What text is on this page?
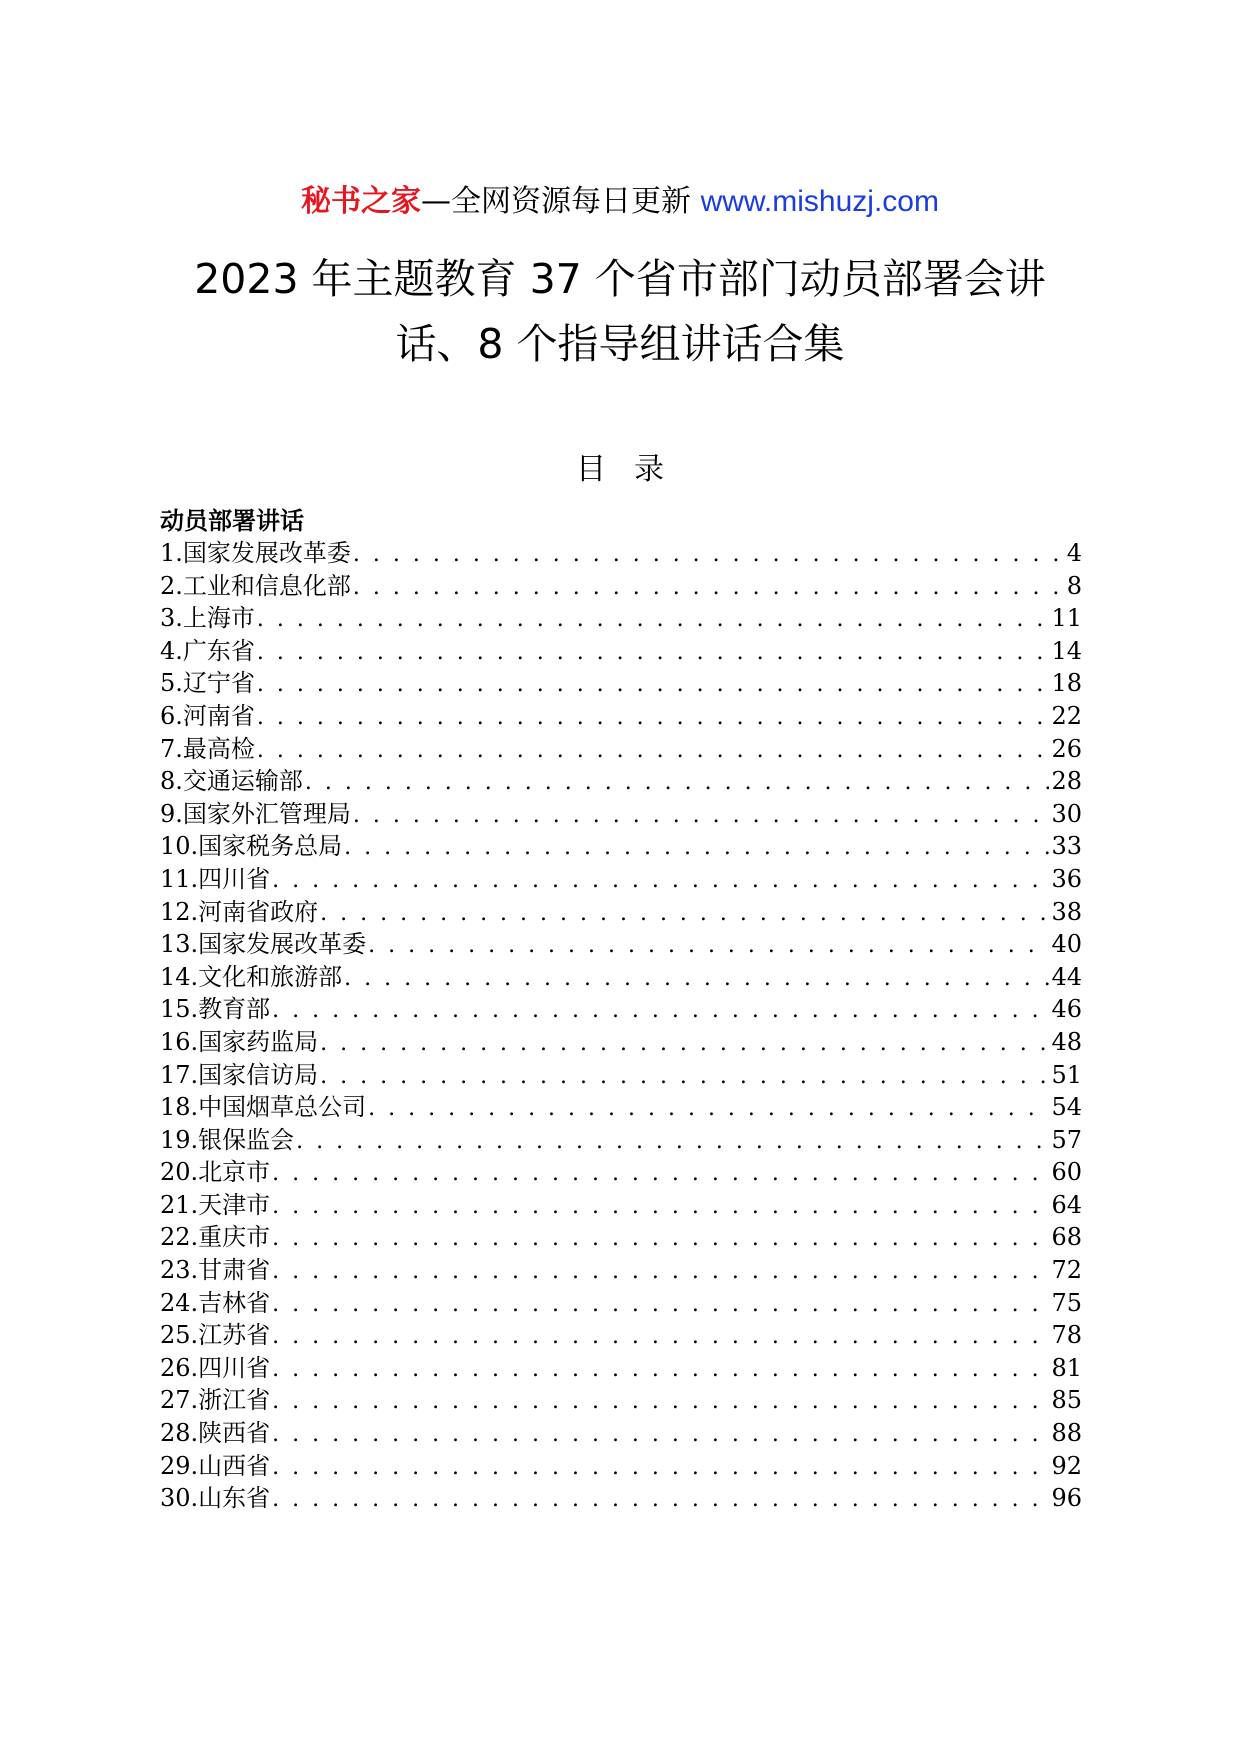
秘书之家—全网资源每日更新 www.mishuzj.com
2023 年主题教育 37 个省市部门动员部署会讲
话、8 个指导组讲话合集
目录
动员部署讲话
1.国家发展改革委 . . .	4
2.工业和信息化部 . . .	8
3.上海市 . . .	11
4.广东省 . . .	14
5.辽宁省 . . .	18
6.河南省 . . .	22
7.最高检 . . .	26
8.交通运输部 . . .	28
9.国家外汇管理局 . . .	30
10.国家税务总局 . . .	33
11.四川省 . . .	36
12.河南省政府 . . .	38
13.国家发展改革委 . . .	40
14.文化和旅游部 . . .	44
15.教育部 . . .	46
16.国家药监局 . . .	48
17.国家信访局 . . .	51
18.中国烟草总公司 . . .	54
19.银保监会 . . .	57
20.北京市 . . .	60
21.天津市 . . .	64
22.重庆市 . . .	68
23.甘肃省 . . .	72
24.吉林省 . . .	75
25.江苏省 . . .	78
26.四川省 . . .	81
27.浙江省 . . .	85
28.陕西省 . . .	88
29.山西省 . . .	92
30.山东省 . . .	96
